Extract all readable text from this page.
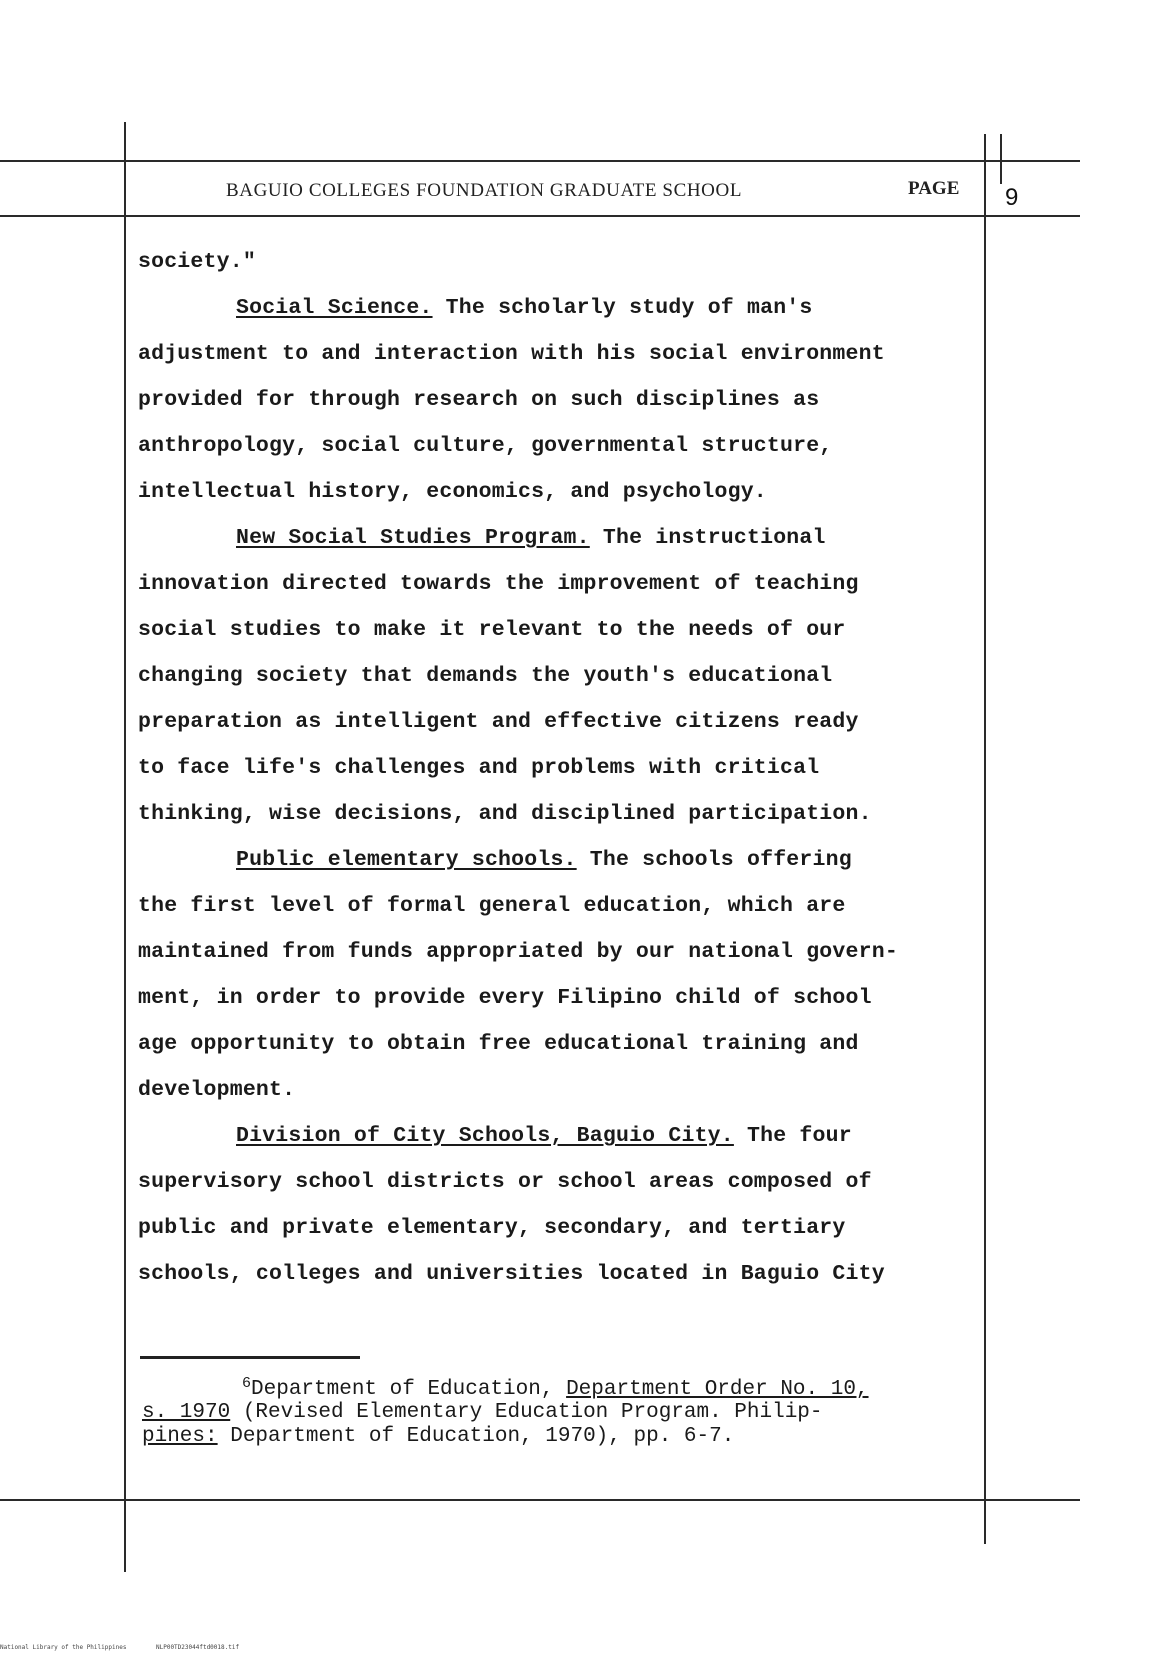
BAGUIO COLLEGES FOUNDATION GRADUATE SCHOOL	PAGE 9
society."
Social Science. The scholarly study of man's
adjustment to and interaction with his social environment
provided for through research on such disciplines as
anthropology, social culture, governmental structure,
intellectual history, economics, and psychology.
New Social Studies Program. The instructional
innovation directed towards the improvement of teaching
social studies to make it relevant to the needs of our
changing society that demands the youth's educational
preparation as intelligent and effective citizens ready
to face life's challenges and problems with critical
thinking, wise decisions, and disciplined participation.
Public elementary schools. The schools offering
the first level of formal general education, which are
maintained from funds appropriated by our national govern-
ment, in order to provide every Filipino child of school
age opportunity to obtain free educational training and
development.
Division of City Schools, Baguio City. The four
supervisory school districts or school areas composed of
public and private elementary, secondary, and tertiary
schools, colleges and universities located in Baguio City
$^6$Department of Education, Department Order No. 10,
s. 1970 (Revised Elementary Education Program. Philip-
pines: Department of Education, 1970), pp. 6-7.
National Library of the Philippines	NLP00TD23044ftd0018.tif
